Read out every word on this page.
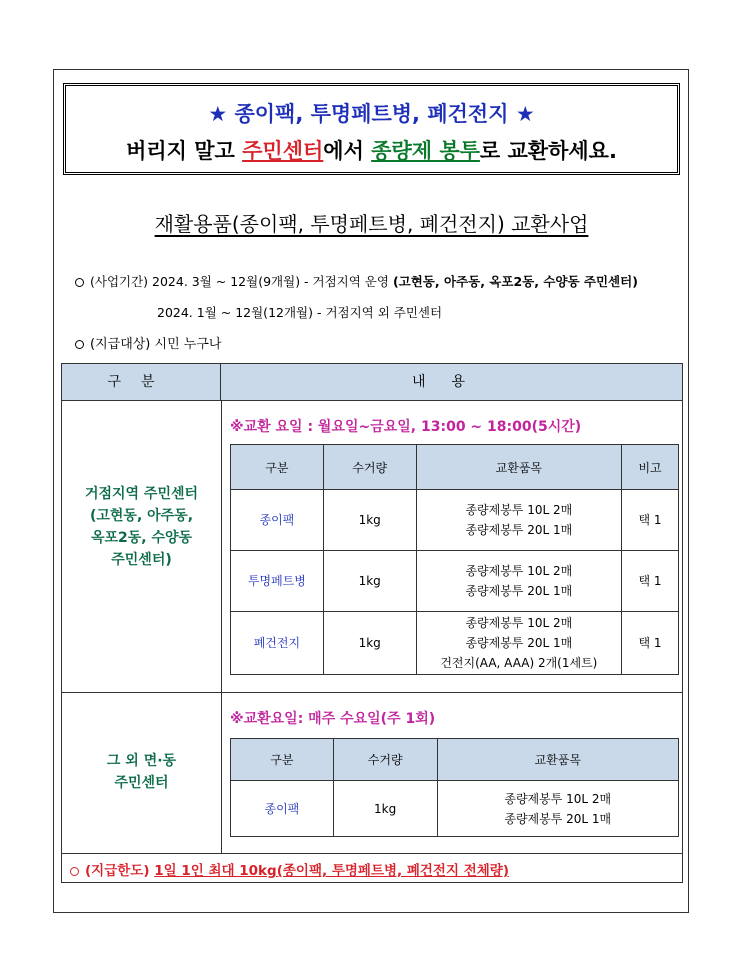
★ 종이팩, 투명페트병, 폐건전지 ★
버리지 말고 주민센터에서 종량제 봉투로 교환하세요.
재활용품(종이팩, 투명페트병, 폐건전지) 교환사업
(사업기간) 2024. 3월 ~ 12월(9개월) - 거점지역 운영 (고현동, 아주동, 옥포2동, 수양동 주민센터)
2024. 1월 ~ 12월(12개월) - 거점지역 외 주민센터
(지급대상) 시민 누구나
구분	내용
거점지역 주민센터
(고현동, 아주동,
옥포2동, 수양동
주민센터)
※교환 요일 : 월요일~금요일, 13:00 ~ 18:00(5시간)
구분	수거량	교환품목	비고
종이팩	1kg	종량제봉투 10L 2매
종량제봉투 20L 1매	택 1
투명페트병	1kg	종량제봉투 10L 2매
종량제봉투 20L 1매	택 1
폐건전지	1kg	종량제봉투 10L 2매
종량제봉투 20L 1매
건전지(AA, AAA) 2개(1세트)	택 1
그 외 면·동
주민센터
※교환요일: 매주 수요일(주 1회)
구분	수거량	교환품목
종이팩	1kg	종량제봉투 10L 2매
종량제봉투 20L 1매
(지급한도) 1일 1인 최대 10kg(종이팩, 투명페트병, 폐건전지 전체량)
